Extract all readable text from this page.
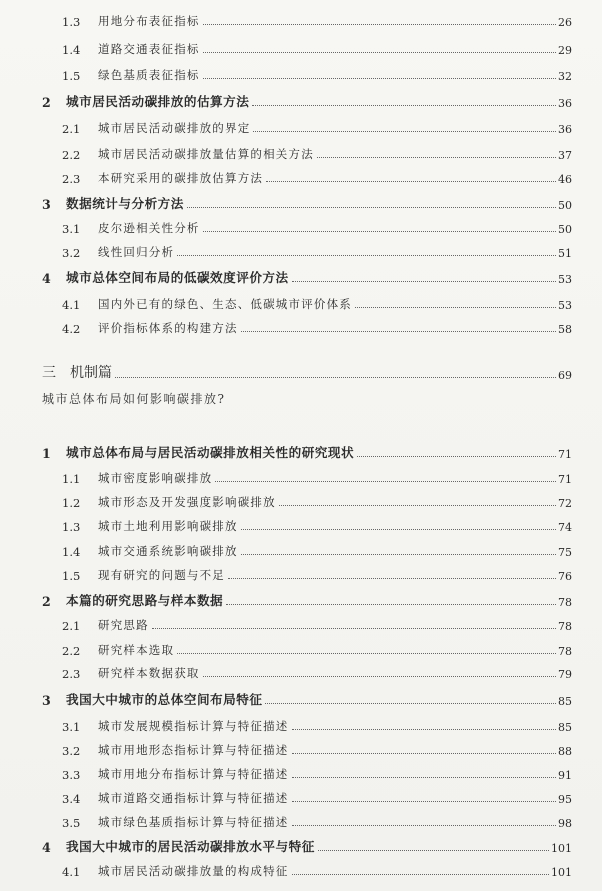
1.3	用地分布表征指标	26
1.4	道路交通表征指标	29
1.5	绿色基质表征指标	32
2	城市居民活动碳排放的估算方法	36
2.1	城市居民活动碳排放的界定	36
2.2	城市居民活动碳排放量估算的相关方法	37
2.3	本研究采用的碳排放估算方法	46
3	数据统计与分析方法	50
3.1	皮尔逊相关性分析	50
3.2	线性回归分析	51
4	城市总体空间布局的低碳效度评价方法	53
4.1	国内外已有的绿色、生态、低碳城市评价体系	53
4.2	评价指标体系的构建方法	58
三	机制篇	69
1	城市总体布局与居民活动碳排放相关性的研究现状	71
1.1	城市密度影响碳排放	71
1.2	城市形态及开发强度影响碳排放	72
1.3	城市土地利用影响碳排放	74
1.4	城市交通系统影响碳排放	75
1.5	现有研究的问题与不足	76
2	本篇的研究思路与样本数据	78
2.1	研究思路	78
2.2	研究样本选取	78
2.3	研究样本数据获取	79
3	我国大中城市的总体空间布局特征	85
3.1	城市发展规模指标计算与特征描述	85
3.2	城市用地形态指标计算与特征描述	88
3.3	城市用地分布指标计算与特征描述	91
3.4	城市道路交通指标计算与特征描述	95
3.5	城市绿色基质指标计算与特征描述	98
4	我国大中城市的居民活动碳排放水平与特征	101
4.1	城市居民活动碳排放量的构成特征	101
城市总体布局如何影响碳排放?
